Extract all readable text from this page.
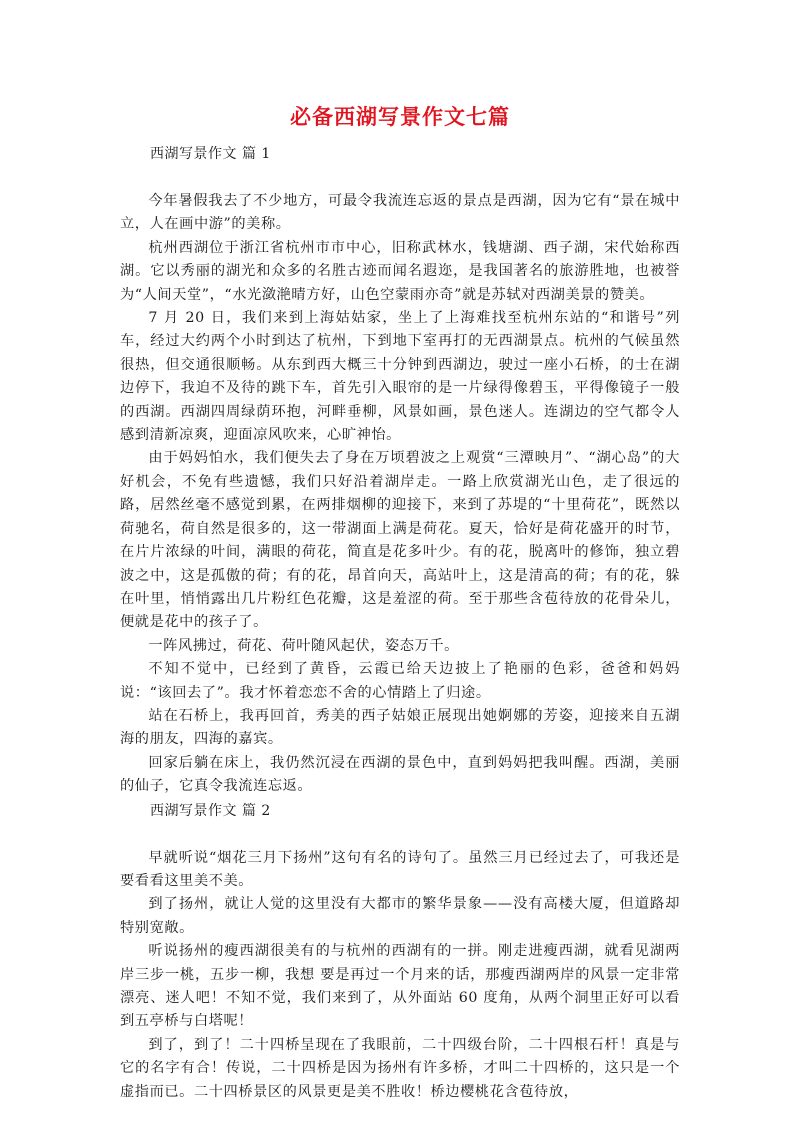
必备西湖写景作文七篇

西湖写景作文 篇 1

今年暑假我去了不少地方，可最令我流连忘返的景点是西湖，因为它有“景在城中立，人在画中游”的美称。

杭州西湖位于浙江省杭州市市中心，旧称武林水，钱塘湖、西子湖，宋代始称西湖。它以秀丽的湖光和众多的名胜古迹而闻名遐迩，是我国著名的旅游胜地，也被誉为“人间天堂”，“水光潋滟晴方好，山色空蒙雨亦奇”就是苏轼对西湖美景的赞美。

7 月 20 日，我们来到上海姑姑家，坐上了上海难找至杭州东站的“和谐号”列车，经过大约两个小时到达了杭州，下到地下室再打的无西湖景点。杭州的气候虽然很热，但交通很顺畅。从东到西大概三十分钟到西湖边，驶过一座小石桥，的士在湖边停下，我迫不及待的跳下车，首先引入眼帘的是一片绿得像碧玉，平得像镜子一般的西湖。西湖四周绿荫环抱，河畔垂柳，风景如画，景色迷人。连湖边的空气都令人感到清新凉爽，迎面凉风吹来，心旷神怡。

由于妈妈怕水，我们便失去了身在万顷碧波之上观赏“三潭映月”、“湖心岛”的大好机会，不免有些遗憾，我们只好沿着湖岸走。一路上欣赏湖光山色，走了很远的路，居然丝毫不感觉到累，在两排烟柳的迎接下，来到了苏堤的“十里荷花”，既然以荷驰名，荷自然是很多的，这一带湖面上满是荷花。夏天，恰好是荷花盛开的时节，在片片浓绿的叶间，满眼的荷花，简直是花多叶少。有的花，脱离叶的修饰，独立碧波之中，这是孤傲的荷；有的花，昂首向天，高站叶上，这是清高的荷；有的花，躲在叶里，悄悄露出几片粉红色花瓣，这是羞涩的荷。至于那些含苞待放的花骨朵儿，便就是花中的孩子了。

一阵风拂过，荷花、荷叶随风起伏，姿态万千。

不知不觉中，已经到了黄昏，云霞已给天边披上了艳丽的色彩，爸爸和妈妈说：“该回去了”。我才怀着恋恋不舍的心情踏上了归途。

站在石桥上，我再回首，秀美的西子姑娘正展现出她婀娜的芳姿，迎接来自五湖海的朋友，四海的嘉宾。

回家后躺在床上，我仍然沉浸在西湖的景色中，直到妈妈把我叫醒。西湖，美丽的仙子，它真令我流连忘返。

西湖写景作文 篇 2

早就听说“烟花三月下扬州”这句有名的诗句了。虽然三月已经过去了，可我还是要看看这里美不美。

到了扬州，就让人觉的这里没有大都市的繁华景象——没有高楼大厦，但道路却特别宽敞。

听说扬州的瘦西湖很美有的与杭州的西湖有的一拼。刚走进瘦西湖，就看见湖两岸三步一桃，五步一柳，我想 要是再过一个月来的话，那瘦西湖两岸的风景一定非常漂亮、迷人吧！不知不觉，我们来到了，从外面站 60 度角，从两个洞里正好可以看到五亭桥与白塔呢！

到了，到了！二十四桥呈现在了我眼前，二十四级台阶，二十四根石杆！真是与它的名字有合！传说，二十四桥是因为扬州有许多桥，才叫二十四桥的，这只是一个虚指而已。二十四桥景区的风景更是美不胜收！桥边樱桃花含苞待放，
